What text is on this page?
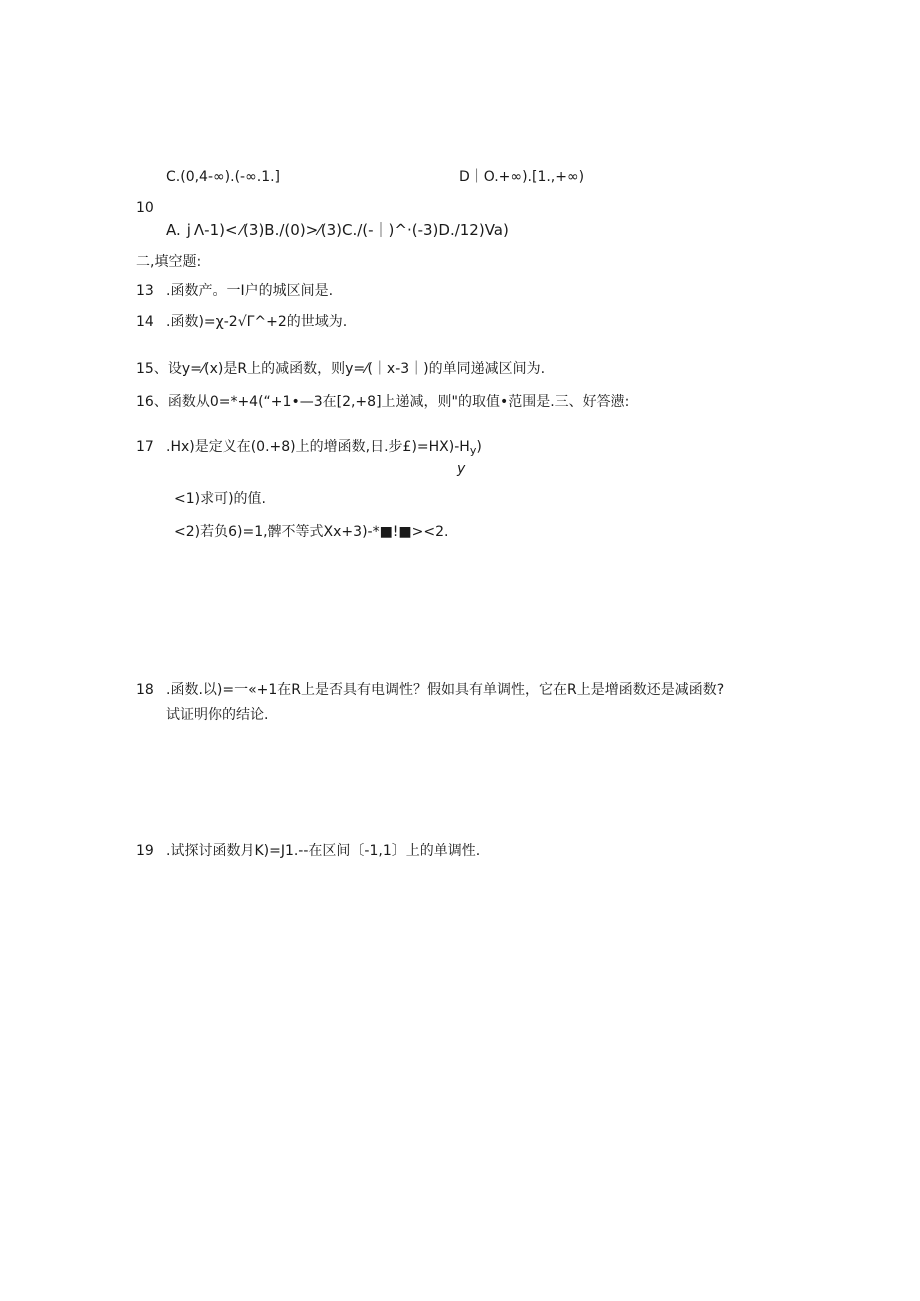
C.(0,4-∞).(-∞.1.]	D｜O.+∞).[1.,+∞)
10
A.  j Λ-1)< ⁄(3)B./(0)>⁄(3)C./(-｜)^·(-3)D./12)Va)
二,填空题:
13 .函数产。一I户的城区间是.
14 .函数)=χ-2√Γ^+2的世域为.
15、设y=⁄(x)是R上的减函数，则y=⁄(｜x-3｜)的单同递减区间为.
16、函数从0=*+4(“+1•—3在[2,+8]上递减，则"的取值•范围是.三、好答懑:
17 .Hx)是定义在(0.+8)上的增函数,日.步$£)=HX)-H_y$)
y
<1)求可)的值.
<2)若负6)=1,髀不等式Xx+3)-*■!■><2.
18 .函数.以)=一«+1在R上是否具有电调性？假如具有单调性，它在R上是增函数还是减函数?
试证明你的结论.
19 .试探讨函数月K)=J1.--在区间〔-1,1〕上的单调性.
